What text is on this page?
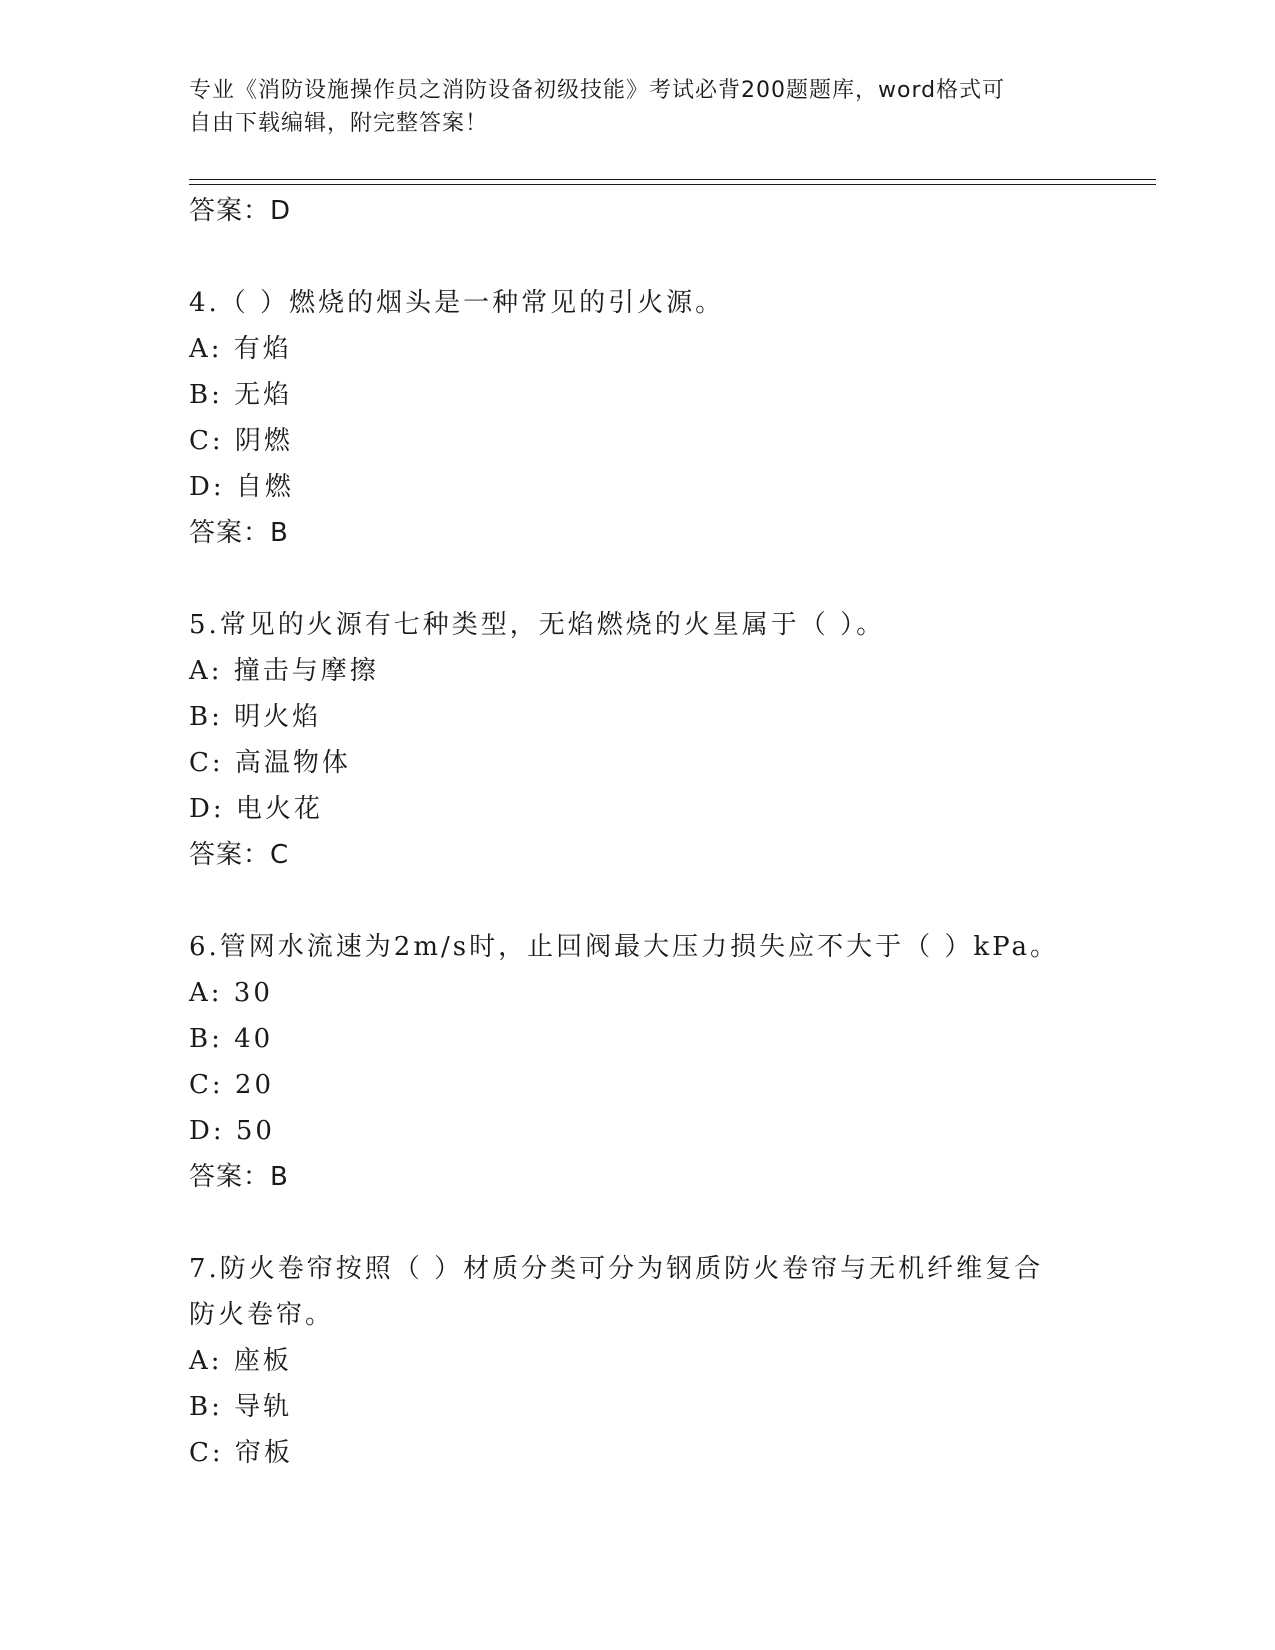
专业《消防设施操作员之消防设备初级技能》考试必背200题题库，word格式可
自由下载编辑，附完整答案！
答案：D
4.（ ）燃烧的烟头是一种常见的引火源。
A: 有焰
B: 无焰
C: 阴燃
D: 自燃
答案：B
5.常见的火源有七种类型，无焰燃烧的火星属于（ ）。
A: 撞击与摩擦
B: 明火焰
C: 高温物体
D: 电火花
答案：C
6.管网水流速为2m/s时，止回阀最大压力损失应不大于（ ）kPa。
A: 30
B: 40
C: 20
D: 50
答案：B
7.防火卷帘按照（ ）材质分类可分为钢质防火卷帘与无机纤维复合
防火卷帘。
A: 座板
B: 导轨
C: 帘板
